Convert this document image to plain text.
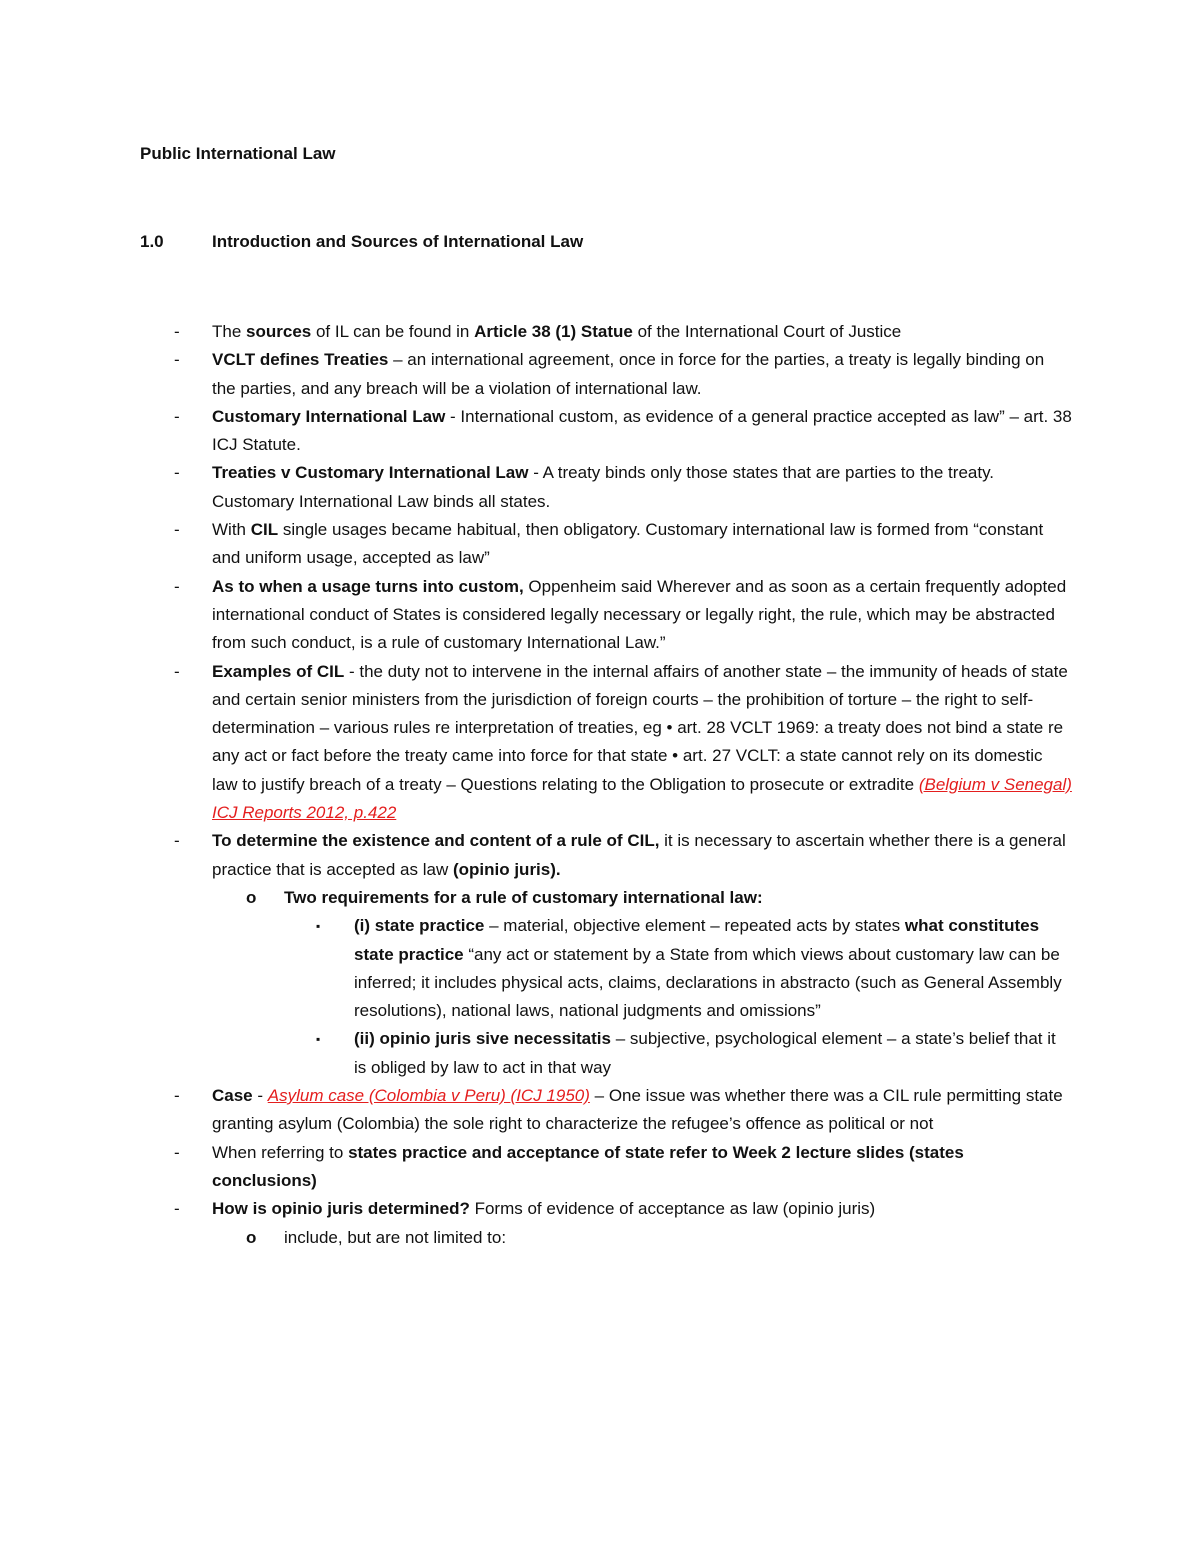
Public International Law
1.0	Introduction and Sources of International Law
- The sources of IL can be found in Article 38 (1) Statue of the International Court of Justice
- VCLT defines Treaties – an international agreement, once in force for the parties, a treaty is legally binding on the parties, and any breach will be a violation of international law.
- Customary International Law - International custom, as evidence of a general practice accepted as law” – art. 38 ICJ Statute.
- Treaties v Customary International Law - A treaty binds only those states that are parties to the treaty. Customary International Law binds all states.
- With CIL single usages became habitual, then obligatory. Customary international law is formed from “constant and uniform usage, accepted as law”
- As to when a usage turns into custom, Oppenheim said Wherever and as soon as a certain frequently adopted international conduct of States is considered legally necessary or legally right, the rule, which may be abstracted from such conduct, is a rule of customary International Law.”
- Examples of CIL - the duty not to intervene in the internal affairs of another state – the immunity of heads of state and certain senior ministers from the jurisdiction of foreign courts – the prohibition of torture – the right to self-determination – various rules re interpretation of treaties, eg • art. 28 VCLT 1969: a treaty does not bind a state re any act or fact before the treaty came into force for that state • art. 27 VCLT: a state cannot rely on its domestic law to justify breach of a treaty – Questions relating to the Obligation to prosecute or extradite (Belgium v Senegal) ICJ Reports 2012, p.422
- To determine the existence and content of a rule of CIL, it is necessary to ascertain whether there is a general practice that is accepted as law (opinio juris).
o Two requirements for a rule of customary international law:
▪ (i) state practice – material, objective element – repeated acts by states what constitutes state practice “any act or statement by a State from which views about customary law can be inferred; it includes physical acts, claims, declarations in abstracto (such as General Assembly resolutions), national laws, national judgments and omissions”
▪ (ii) opinio juris sive necessitatis – subjective, psychological element – a state’s belief that it is obliged by law to act in that way
- Case - Asylum case (Colombia v Peru) (ICJ 1950) – One issue was whether there was a CIL rule permitting state granting asylum (Colombia) the sole right to characterize the refugee’s offence as political or not
- When referring to states practice and acceptance of state refer to Week 2 lecture slides (states conclusions)
- How is opinio juris determined? Forms of evidence of acceptance as law (opinio juris)
o include, but are not limited to:
